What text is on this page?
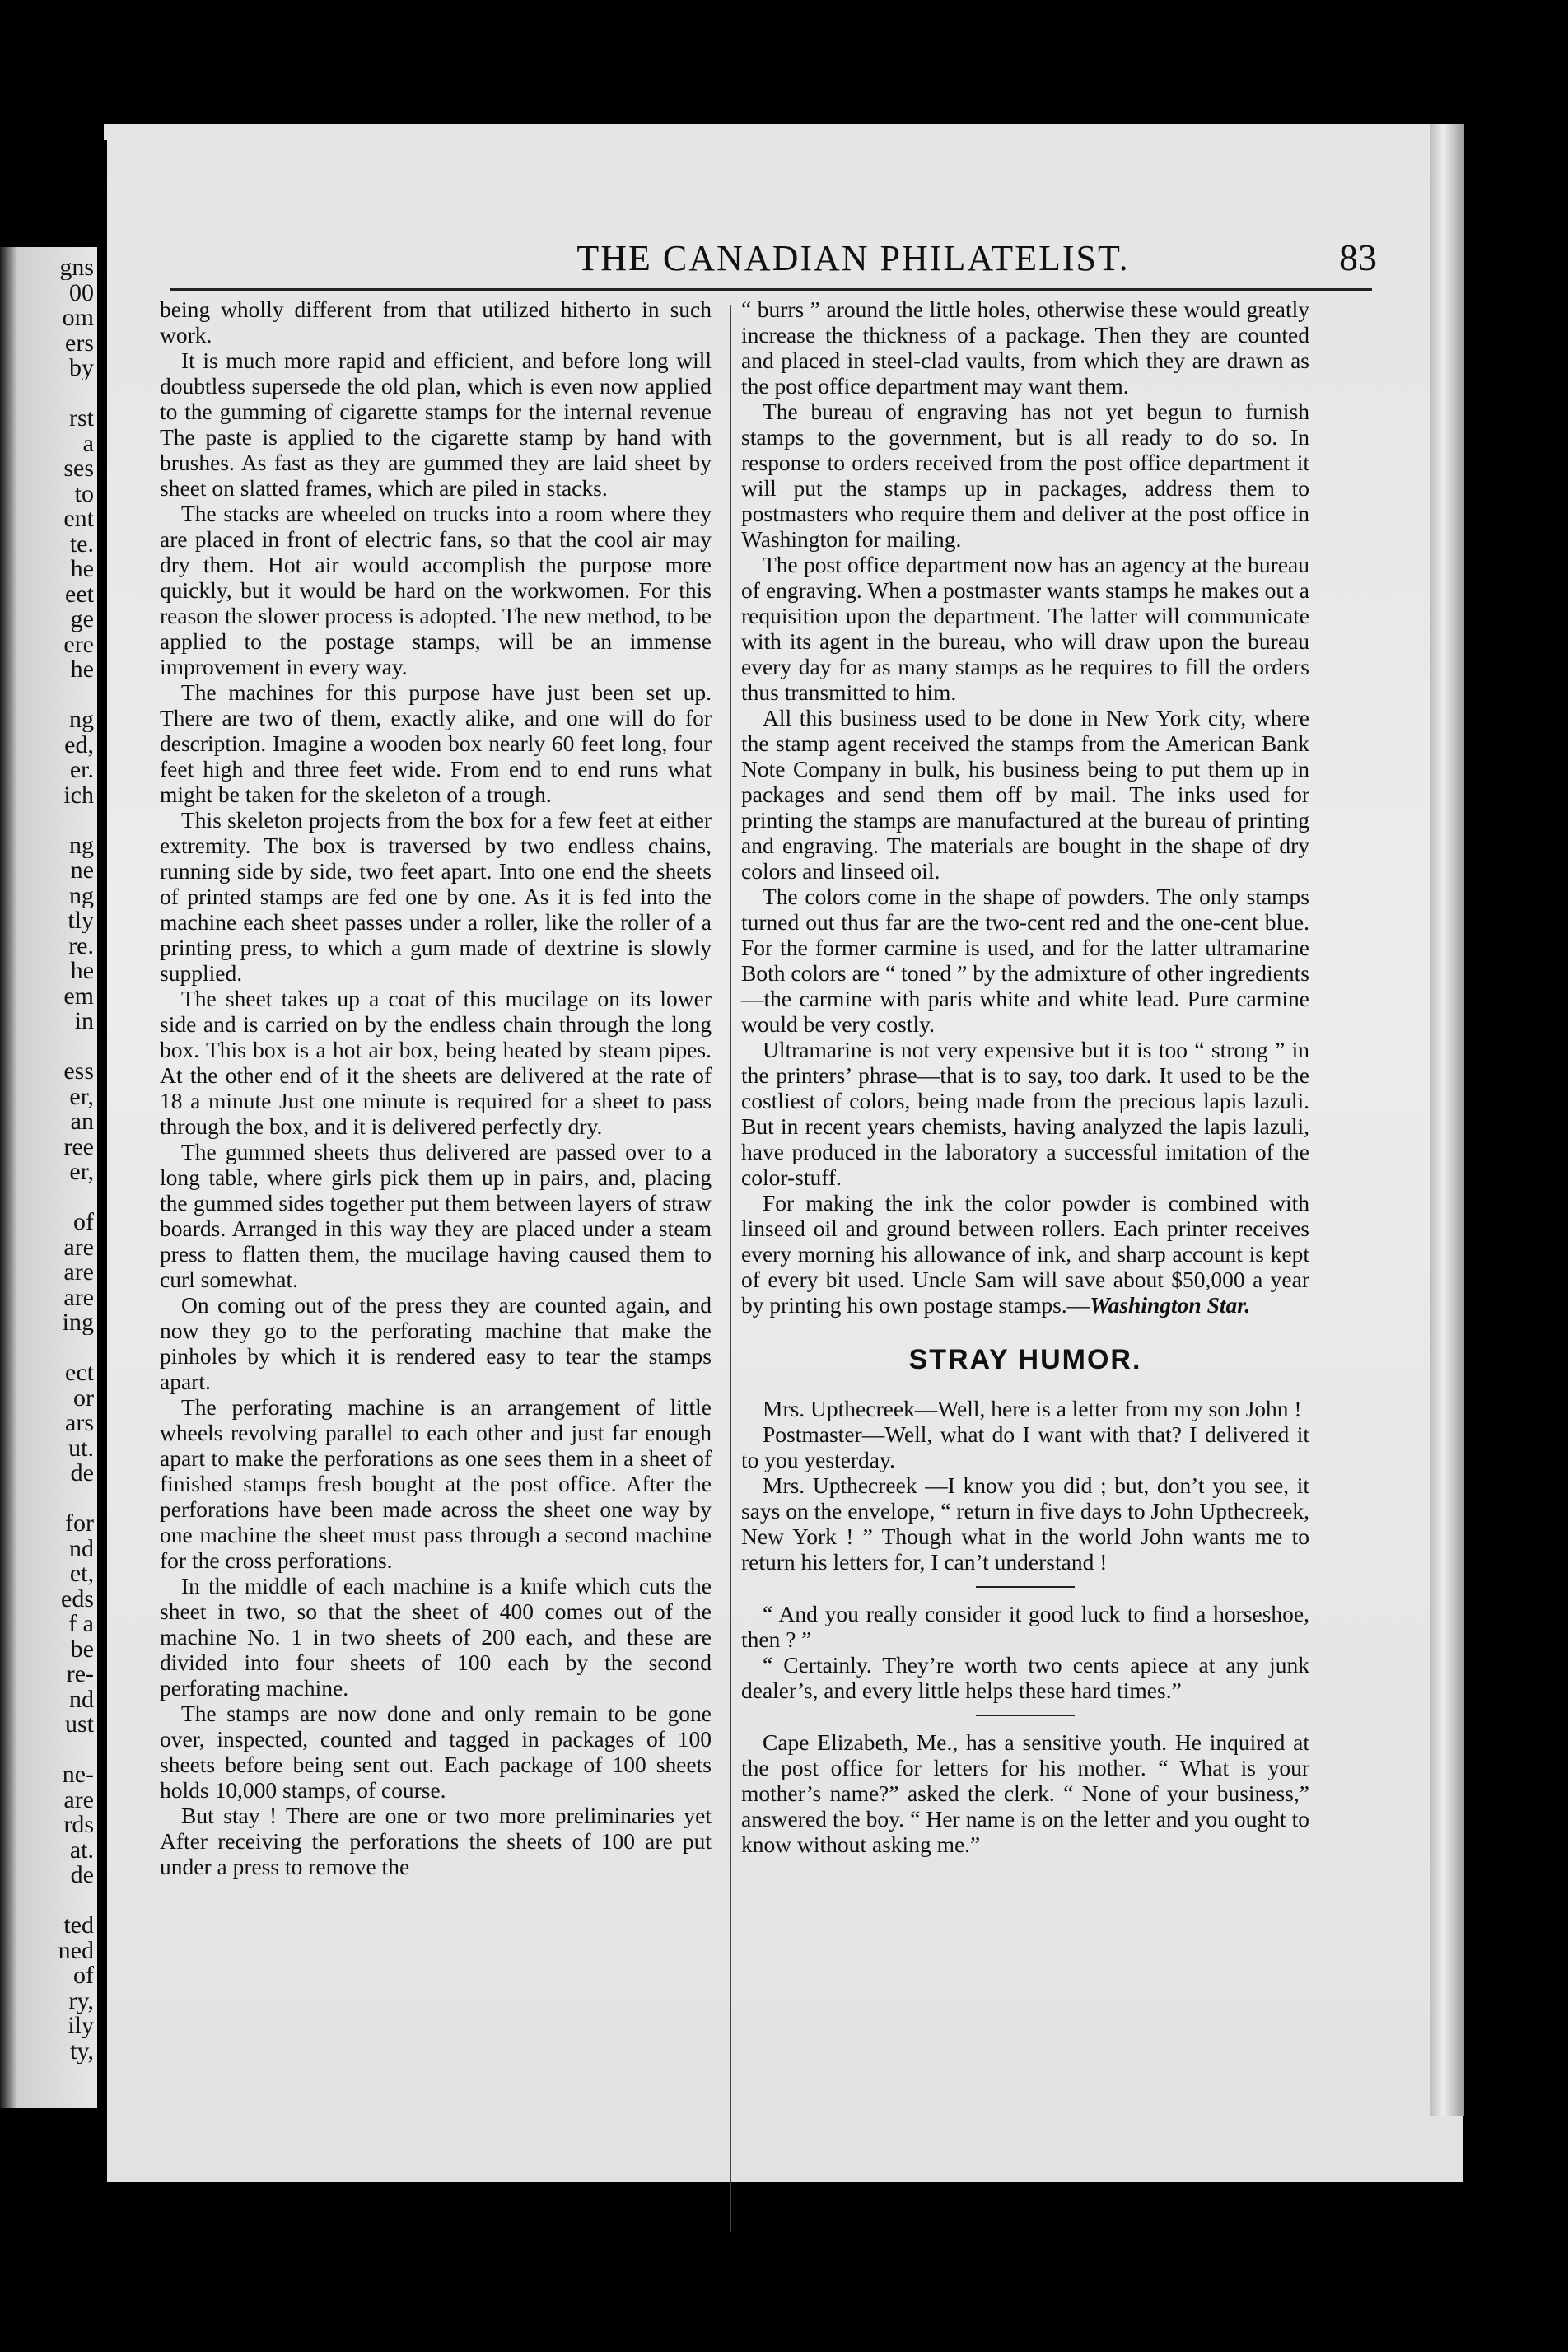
gns
00
om
ers
by
rst
a
ses
to
ent
te.
he
eet
ge
ere
he
ng
ed,
er.
ich
ng
ne
ng
tly
re.
he
em
in
ess
er,
an
ree
er,
of
are
are
are
ing
ect
or
ars
ut.
de
for
nd
et,
eds
f a
be
re-
nd
ust
ne-
are
rds
at.
de
ted
ned
of
ry,
ily
ty,
THE CANADIAN PHILATELIST.	83

being wholly different from that utilized hitherto in such work.

It is much more rapid and efficient, and before long will doubtless supersede the old plan, which is even now applied to the gumming of cigarette stamps for the internal revenue The paste is applied to the cigarette stamp by hand with brushes. As fast as they are gummed they are laid sheet by sheet on slatted frames, which are piled in stacks.

The stacks are wheeled on trucks into a room where they are placed in front of electric fans, so that the cool air may dry them. Hot air would accomplish the purpose more quickly, but it would be hard on the workwomen. For this reason the slower process is adopted. The new method, to be applied to the postage stamps, will be an immense improvement in every way.

The machines for this purpose have just been set up. There are two of them, exactly alike, and one will do for description. Imagine a wooden box nearly 60 feet long, four feet high and three feet wide. From end to end runs what might be taken for the skeleton of a trough.

This skeleton projects from the box for a few feet at either extremity. The box is traversed by two endless chains, running side by side, two feet apart. Into one end the sheets of printed stamps are fed one by one. As it is fed into the machine each sheet passes under a roller, like the roller of a printing press, to which a gum made of dextrine is slowly supplied.

The sheet takes up a coat of this mucilage on its lower side and is carried on by the endless chain through the long box. This box is a hot air box, being heated by steam pipes. At the other end of it the sheets are delivered at the rate of 18 a minute Just one minute is required for a sheet to pass through the box, and it is delivered perfectly dry.

The gummed sheets thus delivered are passed over to a long table, where girls pick them up in pairs, and, placing the gummed sides together put them between layers of straw boards. Arranged in this way they are placed under a steam press to flatten them, the mucilage having caused them to curl somewhat.

On coming out of the press they are counted again, and now they go to the perforating machine that make the pinholes by which it is rendered easy to tear the stamps apart.

The perforating machine is an arrangement of little wheels revolving parallel to each other and just far enough apart to make the perforations as one sees them in a sheet of finished stamps fresh bought at the post office. After the perforations have been made across the sheet one way by one machine the sheet must pass through a second machine for the cross perforations.

In the middle of each machine is a knife which cuts the sheet in two, so that the sheet of 400 comes out of the machine No. 1 in two sheets of 200 each, and these are divided into four sheets of 100 each by the second perforating machine.

The stamps are now done and only remain to be gone over, inspected, counted and tagged in packages of 100 sheets before being sent out. Each package of 100 sheets holds 10,000 stamps, of course.

But stay ! There are one or two more preliminaries yet After receiving the perforations the sheets of 100 are put under a press to remove the

“ burrs ” around the little holes, otherwise these would greatly increase the thickness of a package. Then they are counted and placed in steel-clad vaults, from which they are drawn as the post office department may want them.

The bureau of engraving has not yet begun to furnish stamps to the government, but is all ready to do so. In response to orders received from the post office department it will put the stamps up in packages, address them to postmasters who require them and deliver at the post office in Washington for mailing.

The post office department now has an agency at the bureau of engraving. When a postmaster wants stamps he makes out a requisition upon the department. The latter will communicate with its agent in the bureau, who will draw upon the bureau every day for as many stamps as he requires to fill the orders thus transmitted to him.

All this business used to be done in New York city, where the stamp agent received the stamps from the American Bank Note Company in bulk, his business being to put them up in packages and send them off by mail. The inks used for printing the stamps are manufactured at the bureau of printing and engraving. The materials are bought in the shape of dry colors and linseed oil.

The colors come in the shape of powders. The only stamps turned out thus far are the two-cent red and the one-cent blue. For the former carmine is used, and for the latter ultramarine Both colors are “ toned ” by the admixture of other ingredients—the carmine with paris white and white lead. Pure carmine would be very costly.

Ultramarine is not very expensive but it is too “ strong ” in the printers’ phrase—that is to say, too dark. It used to be the costliest of colors, being made from the precious lapis lazuli. But in recent years chemists, having analyzed the lapis lazuli, have produced in the laboratory a successful imitation of the color-stuff.

For making the ink the color powder is combined with linseed oil and ground between rollers. Each printer receives every morning his allowance of ink, and sharp account is kept of every bit used. Uncle Sam will save about $50,000 a year by printing his own postage stamps.—Washington Star.

STRAY HUMOR.

Mrs. Upthecreek—Well, here is a letter from my son John !

Postmaster—Well, what do I want with that? I delivered it to you yesterday.

Mrs. Upthecreek —I know you did ; but, don’t you see, it says on the envelope, “ return in five days to John Upthecreek, New York ! ” Though what in the world John wants me to return his letters for, I can’t understand !

“ And you really consider it good luck to find a horseshoe, then ? ”

“ Certainly. They’re worth two cents apiece at any junk dealer’s, and every little helps these hard times.”

Cape Elizabeth, Me., has a sensitive youth. He inquired at the post office for letters for his mother. “ What is your mother’s name?” asked the clerk. “ None of your business,” answered the boy. “ Her name is on the letter and you ought to know without asking me.”
